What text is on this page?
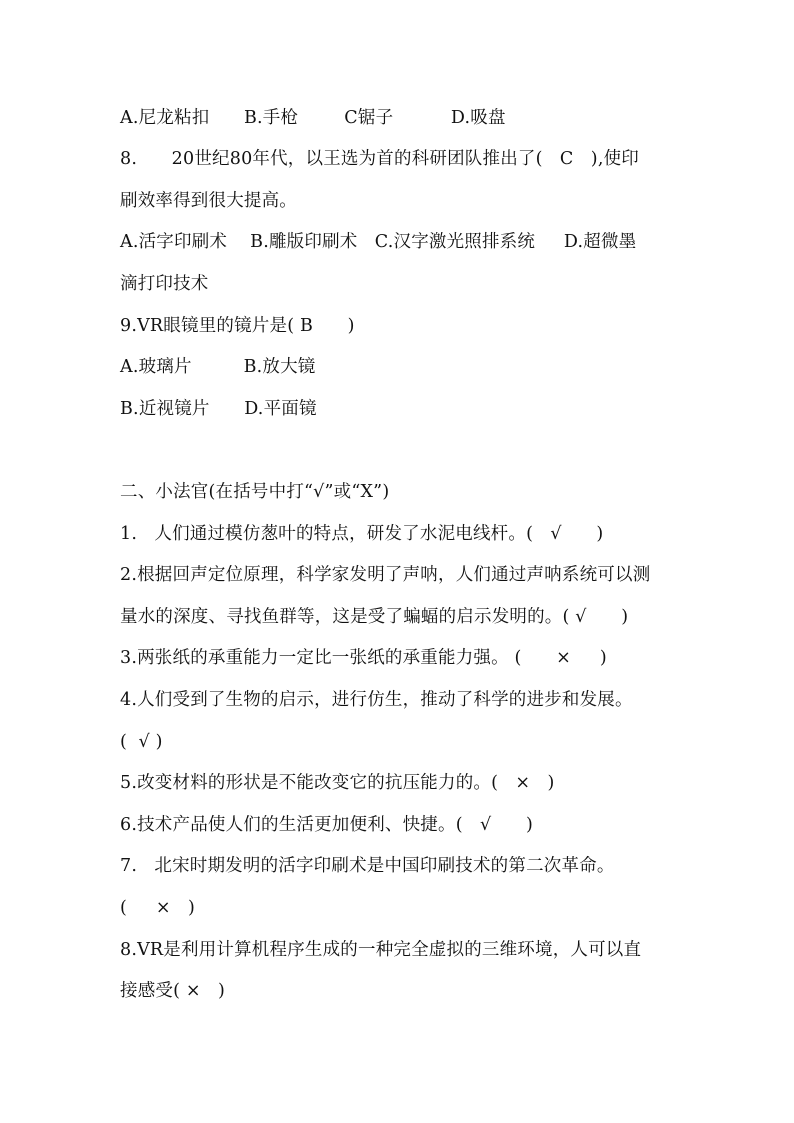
A.尼龙粘扣      B.手枪        C锯子          D.吸盘
8.      20世纪80年代，以王选为首的科研团队推出了(   C   ),使印
刷效率得到很大提高。
A.活字印刷术    B.雕版印刷术   C.汉字激光照排系统     D.超微墨
滴打印技术
9.VR眼镜里的镜片是( B      )
A.玻璃片         B.放大镜
B.近视镜片      D.平面镜
二、小法官(在括号中打“√”或“X”)
1.   人们通过模仿葱叶的特点，研发了水泥电线杆。(   √      )
2.根据回声定位原理，科学家发明了声呐，人们通过声呐系统可以测
量水的深度、寻找鱼群等，这是受了蝙蝠的启示发明的。( √      )
3.两张纸的承重能力一定比一张纸的承重能力强。 (      ×     )
4.人们受到了生物的启示，进行仿生，推动了科学的进步和发展。
(  √ )
5.改变材料的形状是不能改变它的抗压能力的。(   ×   )
6.技术产品使人们的生活更加便利、快捷。(   √      )
7.   北宋时期发明的活字印刷术是中国印刷技术的第二次革命。
(     ×   )
8.VR是利用计算机程序生成的一种完全虚拟的三维环境，人可以直
接感受( ×   )
